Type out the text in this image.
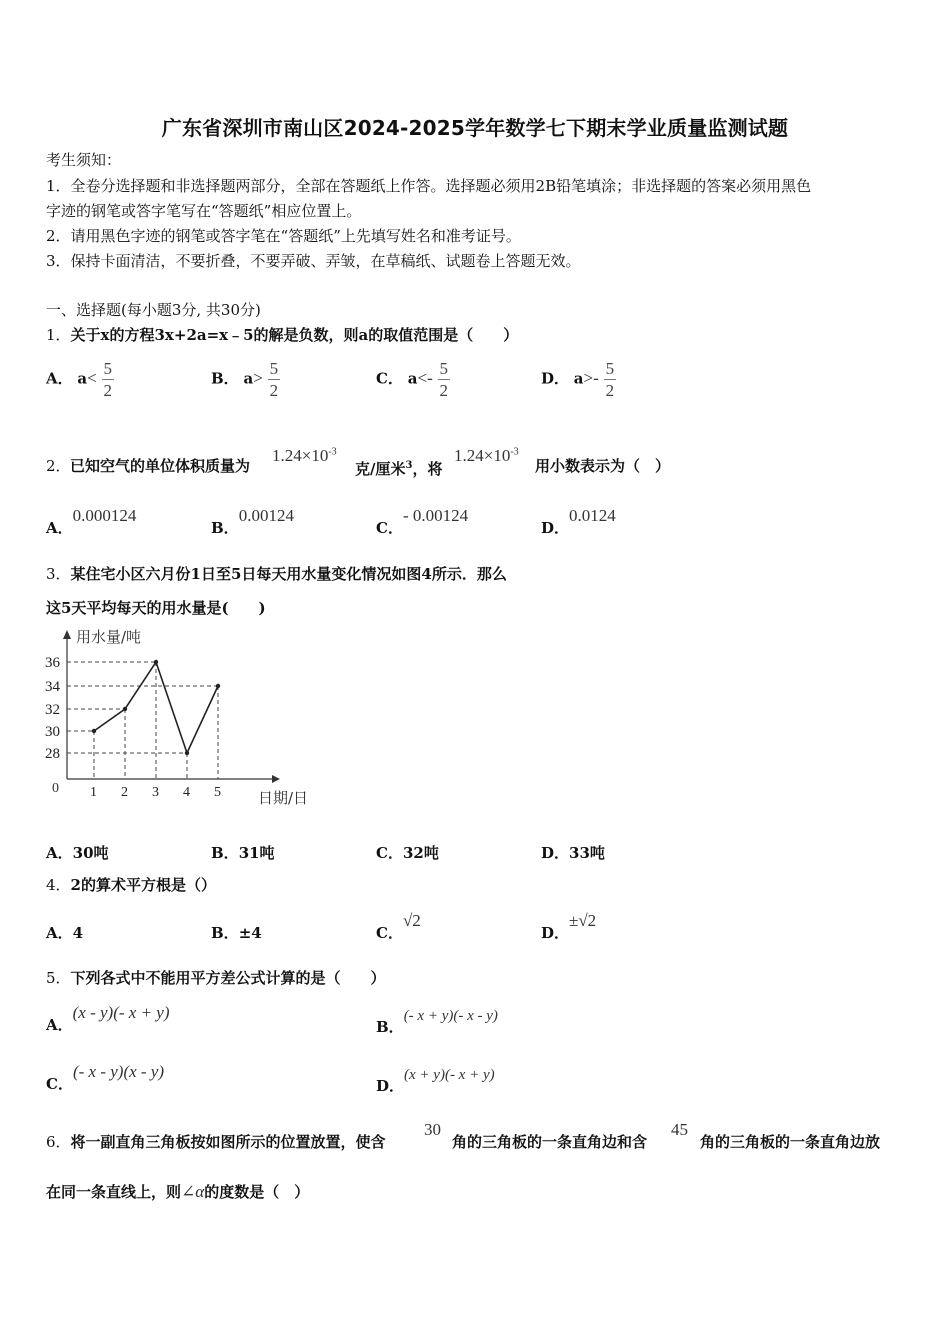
广东省深圳市南山区2024-2025学年数学七下期末学业质量监测试题
考生须知：
1．全卷分选择题和非选择题两部分，全部在答题纸上作答。选择题必须用2B铅笔填涂；非选择题的答案必须用黑色
字迹的钢笔或答字笔写在“答题纸”相应位置上。
2．请用黑色字迹的钢笔或答字笔在“答题纸”上先填写姓名和准考证号。
3．保持卡面清洁，不要折叠，不要弄破、弄皱，在草稿纸、试题卷上答题无效。
一、选择题(每小题3分, 共30分)
1．关于x的方程3x+2a=x﹣5的解是负数，则a的取值范围是（　　）
A． $a< \frac{5}{2}$	B． $a> \frac{5}{2}$	C． $a<- \frac{5}{2}$	D． $a>- \frac{5}{2}$
2． 已知空气的单位体积质量为
$1.24\times 10^{-3}$
克/厘米$^3$，将
$1.24\times 10^{-3}$
用小数表示为（　）
A．0.000124
B．0.00124
C．- 0.00124
D．0.0124
3．某住宅小区六月份1日至5日每天用水量变化情况如图4所示．那么
这5天平均每天的用水量是(　　)
用水量/吨
日期/日
0
28
30
32
34
36
1 2 3 4 5
A．30吨	B．31吨	C．32吨	D．33吨
4．2的算术平方根是（）
A．4	B．±4	C．√2
D．±√2
5．下列各式中不能用平方差公式计算的是（　　）
A．(x - y)(- x + y)
B．(- x + y)(- x - y)
C．(- x - y)(x - y)
D．(x + y)(- x + y)
6．将一副直角三角板按如图所示的位置放置，使含
30
角的三角板的一条直角边和含
45
角的三角板的一条直角边放
在同一条直线上，则∠α的度数是（　）
